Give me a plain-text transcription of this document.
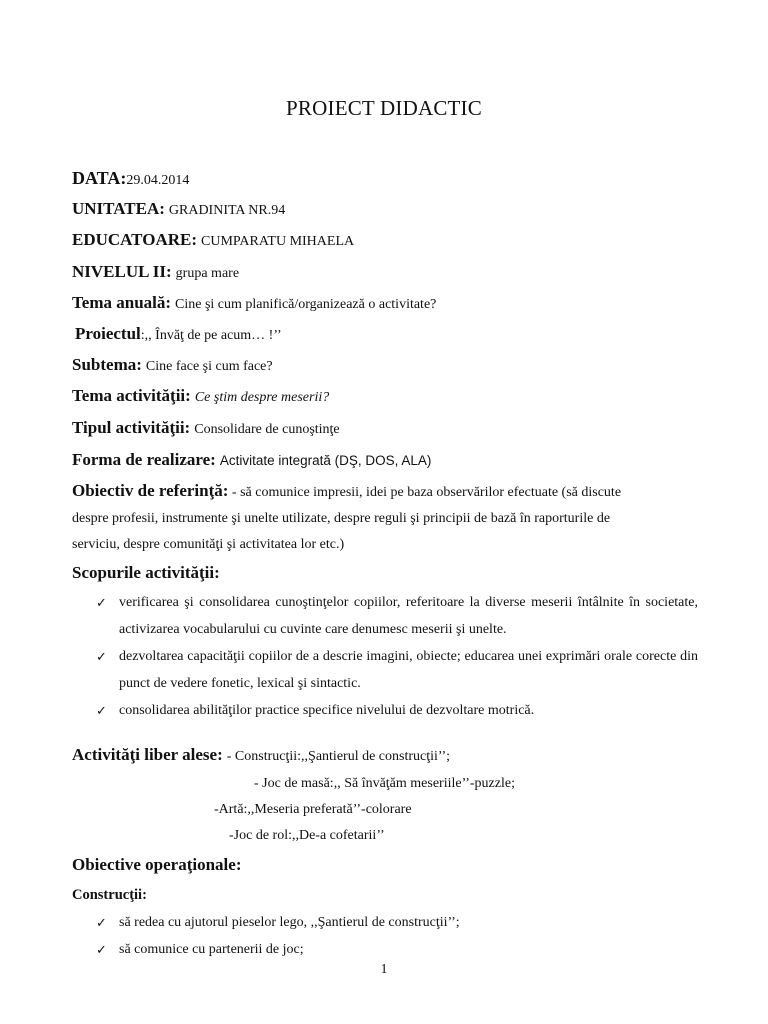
PROIECT DIDACTIC
DATA:29.04.2014
UNITATEA: GRADINITA NR.94
EDUCATOARE: CUMPARATU MIHAELA
NIVELUL II: grupa mare
Tema anuală: Cine şi cum planifică/organizează o activitate?
Proiectul:,, Învăţ de pe acum… !’’
Subtema: Cine face şi cum face?
Tema activităţii: Ce ştim despre meserii?
Tipul activităţii: Consolidare de cunoştinţe
Forma de realizare: Activitate integrată (DŞ, DOS, ALA)
Obiectiv de referinţă: - să comunice impresii, idei pe baza observărilor efectuate (să discute
despre profesii, instrumente şi unelte utilizate, despre reguli şi principii de bază în raporturile de
serviciu, despre comunităţi şi activitatea lor etc.)
Scopurile activităţii:
✓ verificarea şi consolidarea cunoştinţelor copiilor, referitoare la diverse meserii întâlnite în societate, activizarea vocabularului cu cuvinte care denumesc meserii şi unelte.
✓ dezvoltarea capacităţii copiilor de a descrie imagini, obiecte; educarea unei exprimări orale corecte din punct de vedere fonetic, lexical şi sintactic.
✓ consolidarea abilităţilor practice specifice nivelului de dezvoltare motrică.
Activităţi liber alese: - Construcţii:,,Şantierul de construcţii’’;
- Joc de masă:,, Să învăţăm meseriile’’-puzzle;
-Artă:,,Meseria preferată’’-colorare
-Joc de rol:,,De-a cofetarii’’
Obiective operaţionale:
Construcţii:
✓ să redea cu ajutorul pieselor lego, ,,Şantierul de construcţii’’;
✓ să comunice cu partenerii de joc;
1
